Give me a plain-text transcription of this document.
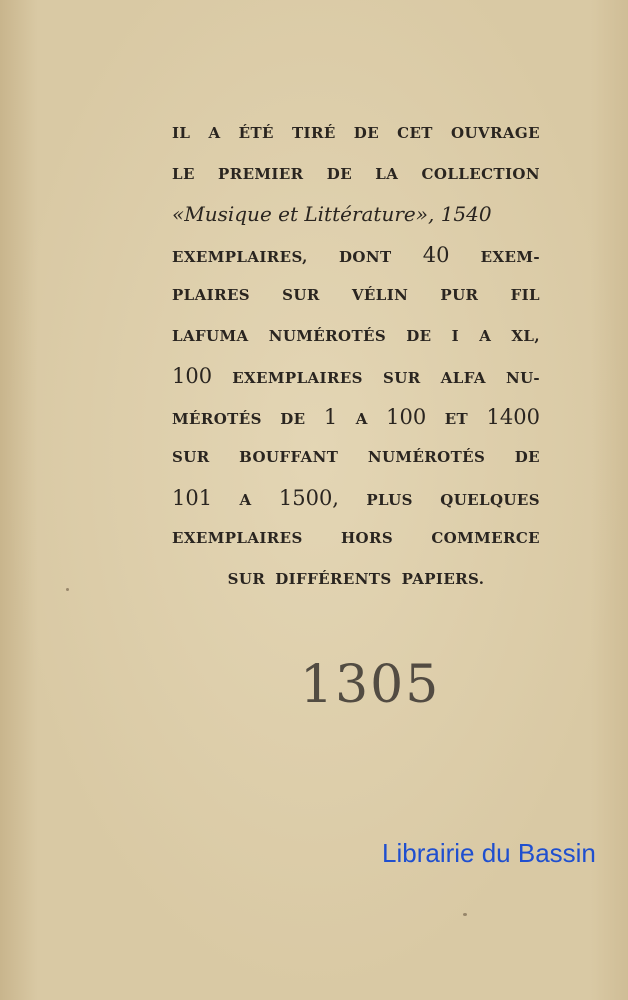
IL A ÉTÉ TIRÉ DE CET OUVRAGE
LE PREMIER DE LA COLLECTION
«Musique et Littérature», 1540
EXEMPLAIRES, DONT 40 EXEM-
PLAIRES SUR VÉLIN PUR FIL
LAFUMA NUMÉROTÉS DE I A XL,
100 EXEMPLAIRES SUR ALFA NU-
MÉROTÉS DE 1 A 100 ET 1400
SUR BOUFFANT NUMÉROTÉS DE
101 A 1500, PLUS QUELQUES
EXEMPLAIRES	HORS	COMMERCE
SUR DIFFÉRENTS PAPIERS.
1305
Librairie du Bassin
